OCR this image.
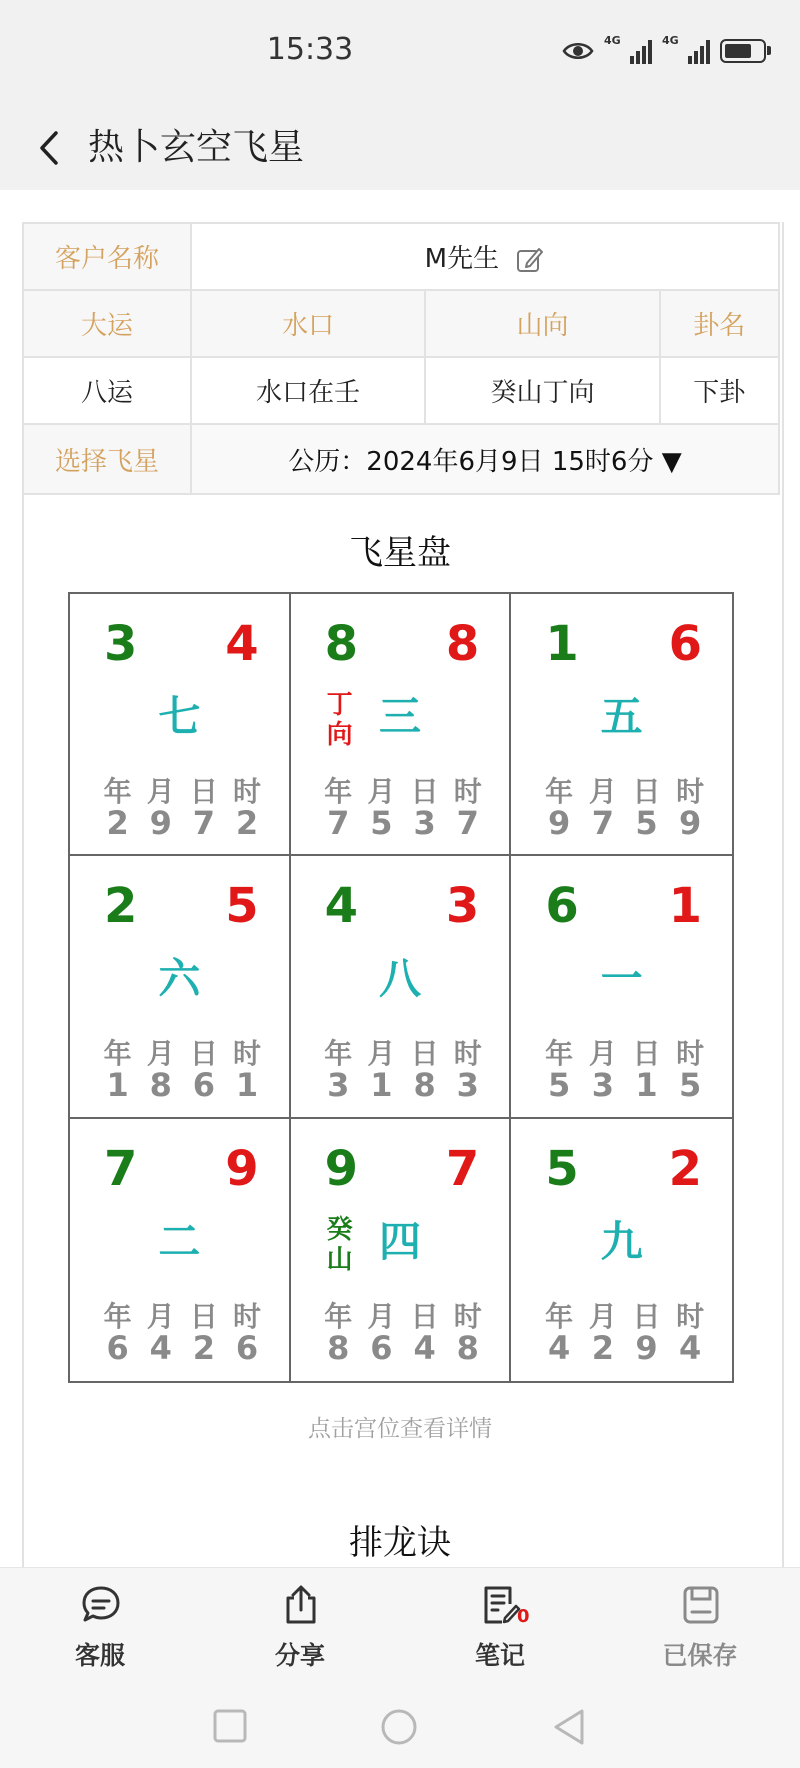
15:33	4G	4G
热卜玄空飞星
客户名称	M先生		
大运	水口	山向	卦名
八运	水口在壬	癸山丁向	下卦
选择飞星	公历：2024年6月9日 15时6分 ▼		
飞星盘
3 4
七
年 月 日 时
2 9 7 2
8 8
丁向 三
年 月 日 时
7 5 3 7
1 6
五
年 月 日 时
9 7 5 9
2 5
六
年 月 日 时
1 8 6 1
4 3
八
年 月 日 时
3 1 8 3
6 1
一
年 月 日 时
5 3 1 5
7 9
二
年 月 日 时
6 4 2 6
9 7
癸山 四
年 月 日 时
8 6 4 8
5 2
九
年 月 日 时
4 2 9 4
点击宫位查看详情
排龙诀
客服	分享
0
笔记	已保存
